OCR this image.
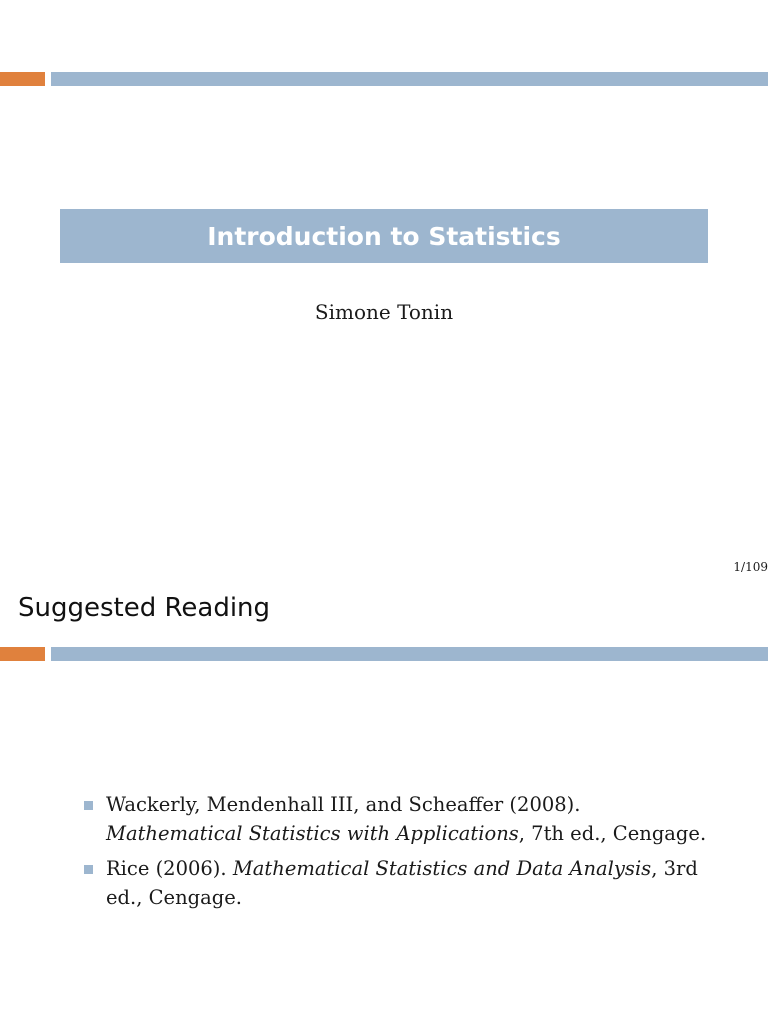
Introduction to Statistics
Simone Tonin
1/109
Suggested Reading
Wackerly, Mendenhall III, and Scheaffer (2008).
Mathematical Statistics with Applications, 7th ed., Cengage.
Rice (2006). Mathematical Statistics and Data Analysis, 3rd ed., Cengage.
